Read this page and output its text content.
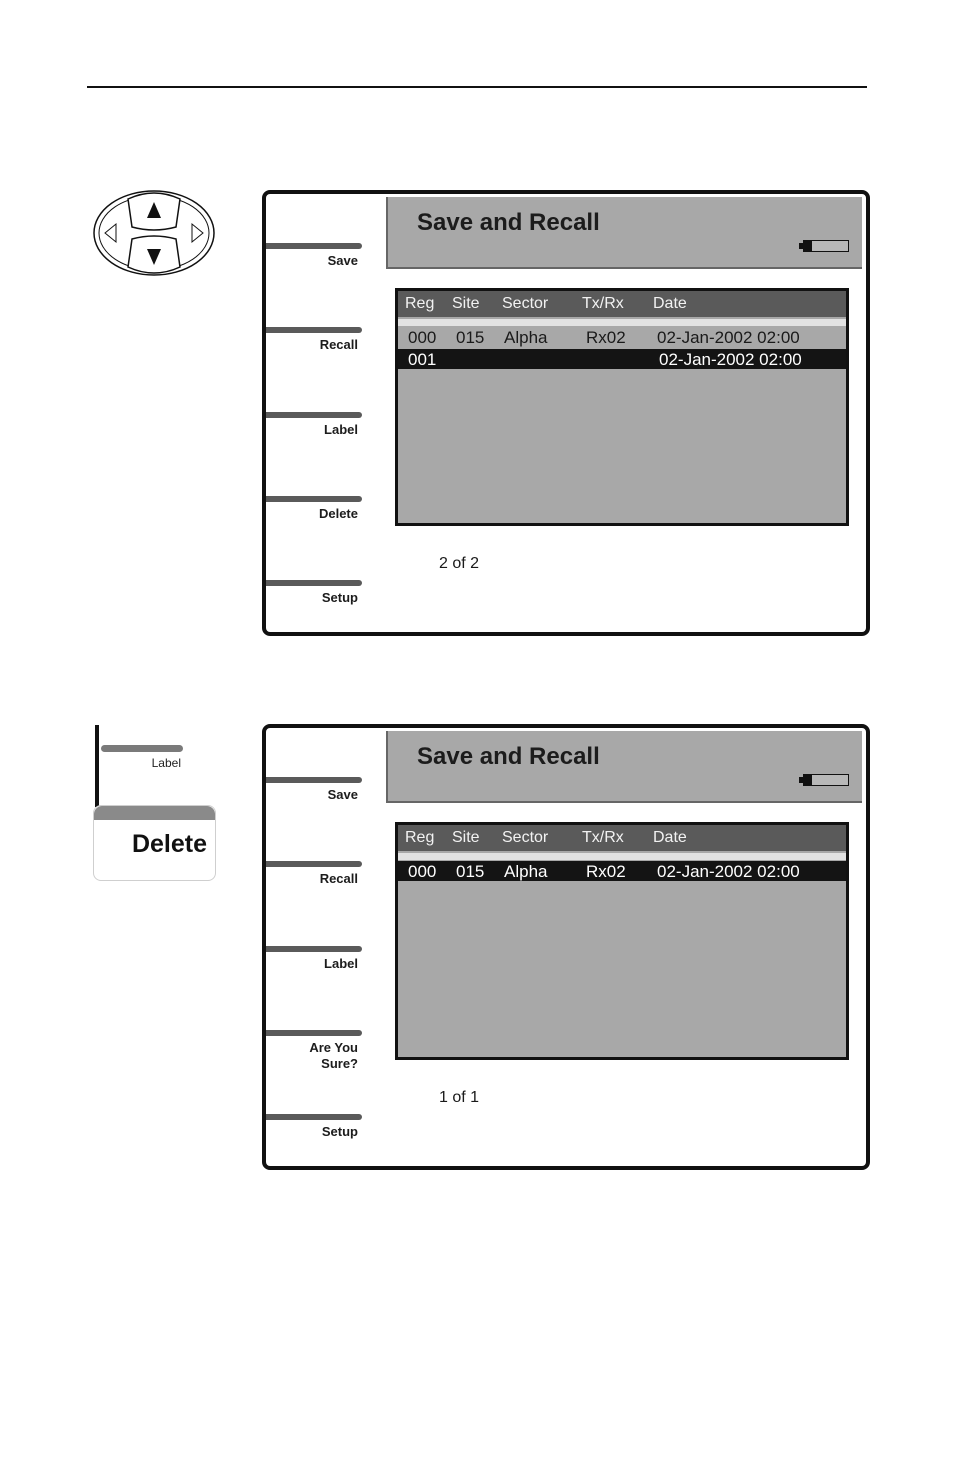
Save and Recall
Save
Recall
Label
Delete
Setup
Reg Site Sector Tx/Rx Date
000 015 Alpha Rx02 02-Jan-2002 02:00
001	02-Jan-2002 02:00
2 of 2
Label
Delete
Save and Recall
Save
Recall
Label
Are You
Sure?
Setup
Reg Site Sector Tx/Rx Date
000 015 Alpha Rx02 02-Jan-2002 02:00
1 of 1
